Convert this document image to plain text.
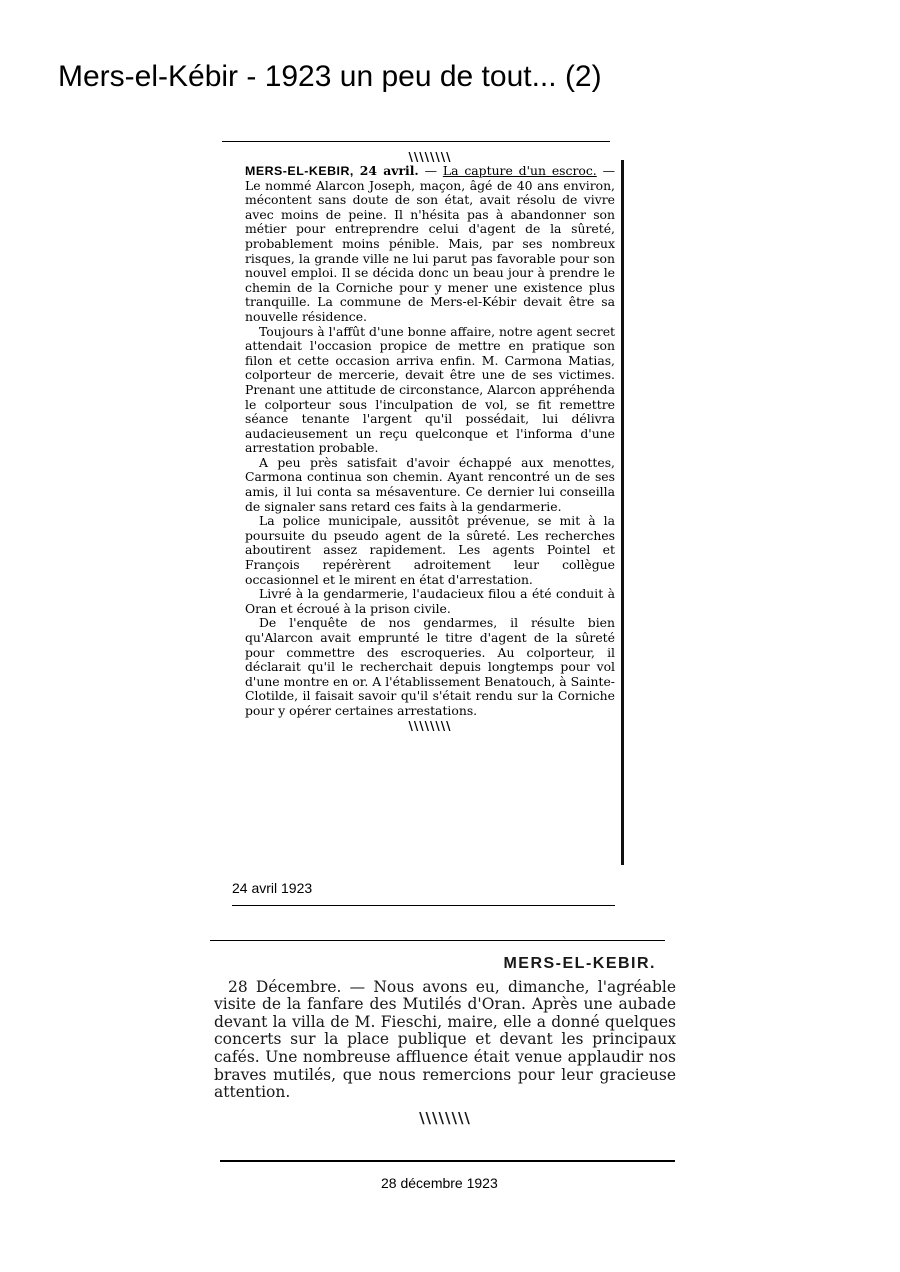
Mers-el-Kébir - 1923 un peu de tout... (2)
\\\\\\\\

MERS-EL-KEBIR, 24 avril. — La capture d'un escroc. — Le nommé Alarcon Joseph, maçon, âgé de 40 ans environ, mécontent sans doute de son état, avait résolu de vivre avec moins de peine. Il n'hésita pas à abandonner son métier pour entreprendre celui d'agent de la sûreté, probablement moins pénible. Mais, par ses nombreux risques, la grande ville ne lui parut pas favorable pour son nouvel emploi. Il se décida donc un beau jour à prendre le chemin de la Corniche pour y mener une existence plus tranquille. La commune de Mers-el-Kébir devait être sa nouvelle résidence.

Toujours à l'affût d'une bonne affaire, notre agent secret attendait l'occasion propice de mettre en pratique son filon et cette occasion arriva enfin. M. Carmona Matias, colporteur de mercerie, devait être une de ses victimes. Prenant une attitude de circonstance, Alarcon appréhenda le colporteur sous l'inculpation de vol, se fit remettre séance tenante l'argent qu'il possédait, lui délivra audacieusement un reçu quelconque et l'informa d'une arrestation probable.

A peu près satisfait d'avoir échappé aux menottes, Carmona continua son chemin. Ayant rencontré un de ses amis, il lui conta sa mésaventure. Ce dernier lui conseilla de signaler sans retard ces faits à la gendarmerie.

La police municipale, aussitôt prévenue, se mit à la poursuite du pseudo agent de la sûreté. Les recherches aboutirent assez rapidement. Les agents Pointel et François repérèrent adroitement leur collègue occasionnel et le mirent en état d'arrestation.

Livré à la gendarmerie, l'audacieux filou a été conduit à Oran et écroué à la prison civile.

De l'enquête de nos gendarmes, il résulte bien qu'Alarcon avait emprunté le titre d'agent de la sûreté pour commettre des escroqueries. Au colporteur, il déclarait qu'il le recherchait depuis longtemps pour vol d'une montre en or. A l'établissement Benatouch, à Sainte-Clotilde, il faisait savoir qu'il s'était rendu sur la Corniche pour y opérer certaines arrestations.

\\\\\\\\
24 avril 1923
MERS-EL-KEBIR.

28 Décembre. — Nous avons eu, dimanche, l'agréable visite de la fanfare des Mutilés d'Oran. Après une aubade devant la villa de M. Fieschi, maire, elle a donné quelques concerts sur la place publique et devant les principaux cafés. Une nombreuse affluence était venue applaudir nos braves mutilés, que nous remercions pour leur gracieuse attention.

\\\\\\\\
28 décembre 1923
